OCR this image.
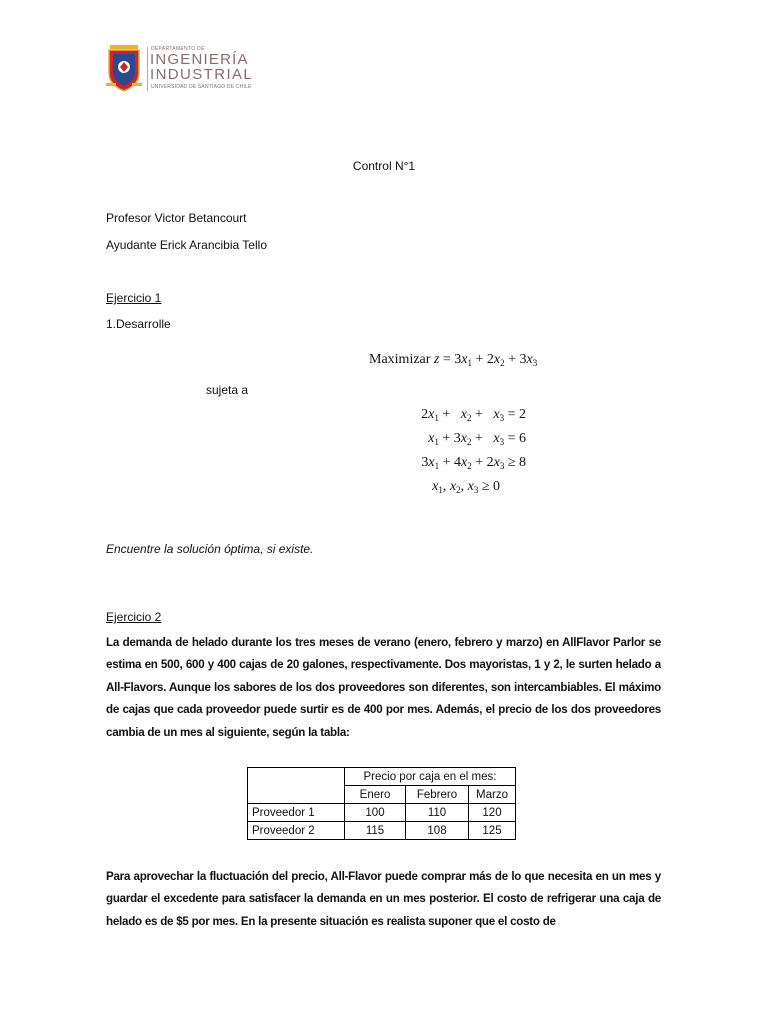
DEPARTAMENTO DE
INGENIERÍA
INDUSTRIAL
UNIVERSIDAD DE SANTIAGO DE CHILE
Control N°1
Profesor Victor Betancourt
Ayudante Erick Arancibia Tello
Ejercicio 1
1.Desarrolle
Maximizar $z = 3x_1 + 2x_2 + 3x_3$
sujeta a
$2x_1 + x_2 + x_3 = 2$
$x_1 + 3x_2 + x_3 = 6$
$3x_1 + 4x_2 + 2x_3 \ge 8$
$x_1$, $x_2$, $x_3 \ge 0$
Encuentre la solución óptima, si existe.
Ejercicio 2
La demanda de helado durante los tres meses de verano (enero, febrero y marzo) en AllFlavor Parlor se estima en 500, 600 y 400 cajas de 20 galones, respectivamente. Dos mayoristas, 1 y 2, le surten helado a All-Flavors. Aunque los sabores de los dos proveedores son diferentes, son intercambiables. El máximo de cajas que cada proveedor puede surtir es de 400 por mes. Además, el precio de los dos proveedores cambia de un mes al siguiente, según la tabla:
	Precio por caja en el mes:		
	Enero	Febrero	Marzo
Proveedor 1	100	110	120
Proveedor 2	115	108	125
Para aprovechar la fluctuación del precio, All-Flavor puede comprar más de lo que necesita en un mes y guardar el excedente para satisfacer la demanda en un mes posterior. El costo de refrigerar una caja de helado es de $5 por mes. En la presente situación es realista suponer que el costo de
